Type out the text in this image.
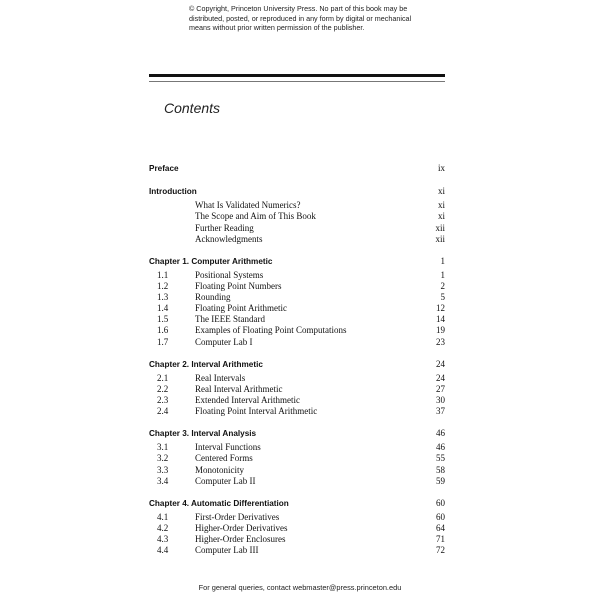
© Copyright, Princeton University Press. No part of this book may be distributed, posted, or reproduced in any form by digital or mechanical means without prior written permission of the publisher.
Contents
Preface	ix
Introduction	xi
What Is Validated Numerics?	xi
The Scope and Aim of This Book	xi
Further Reading	xii
Acknowledgments	xii
Chapter 1. Computer Arithmetic	1
1.1	Positional Systems	1
1.2	Floating Point Numbers	2
1.3	Rounding	5
1.4	Floating Point Arithmetic	12
1.5	The IEEE Standard	14
1.6	Examples of Floating Point Computations	19
1.7	Computer Lab I	23
Chapter 2. Interval Arithmetic	24
2.1	Real Intervals	24
2.2	Real Interval Arithmetic	27
2.3	Extended Interval Arithmetic	30
2.4	Floating Point Interval Arithmetic	37
Chapter 3. Interval Analysis	46
3.1	Interval Functions	46
3.2	Centered Forms	55
3.3	Monotonicity	58
3.4	Computer Lab II	59
Chapter 4. Automatic Differentiation	60
4.1	First-Order Derivatives	60
4.2	Higher-Order Derivatives	64
4.3	Higher-Order Enclosures	71
4.4	Computer Lab III	72
For general queries, contact webmaster@press.princeton.edu
